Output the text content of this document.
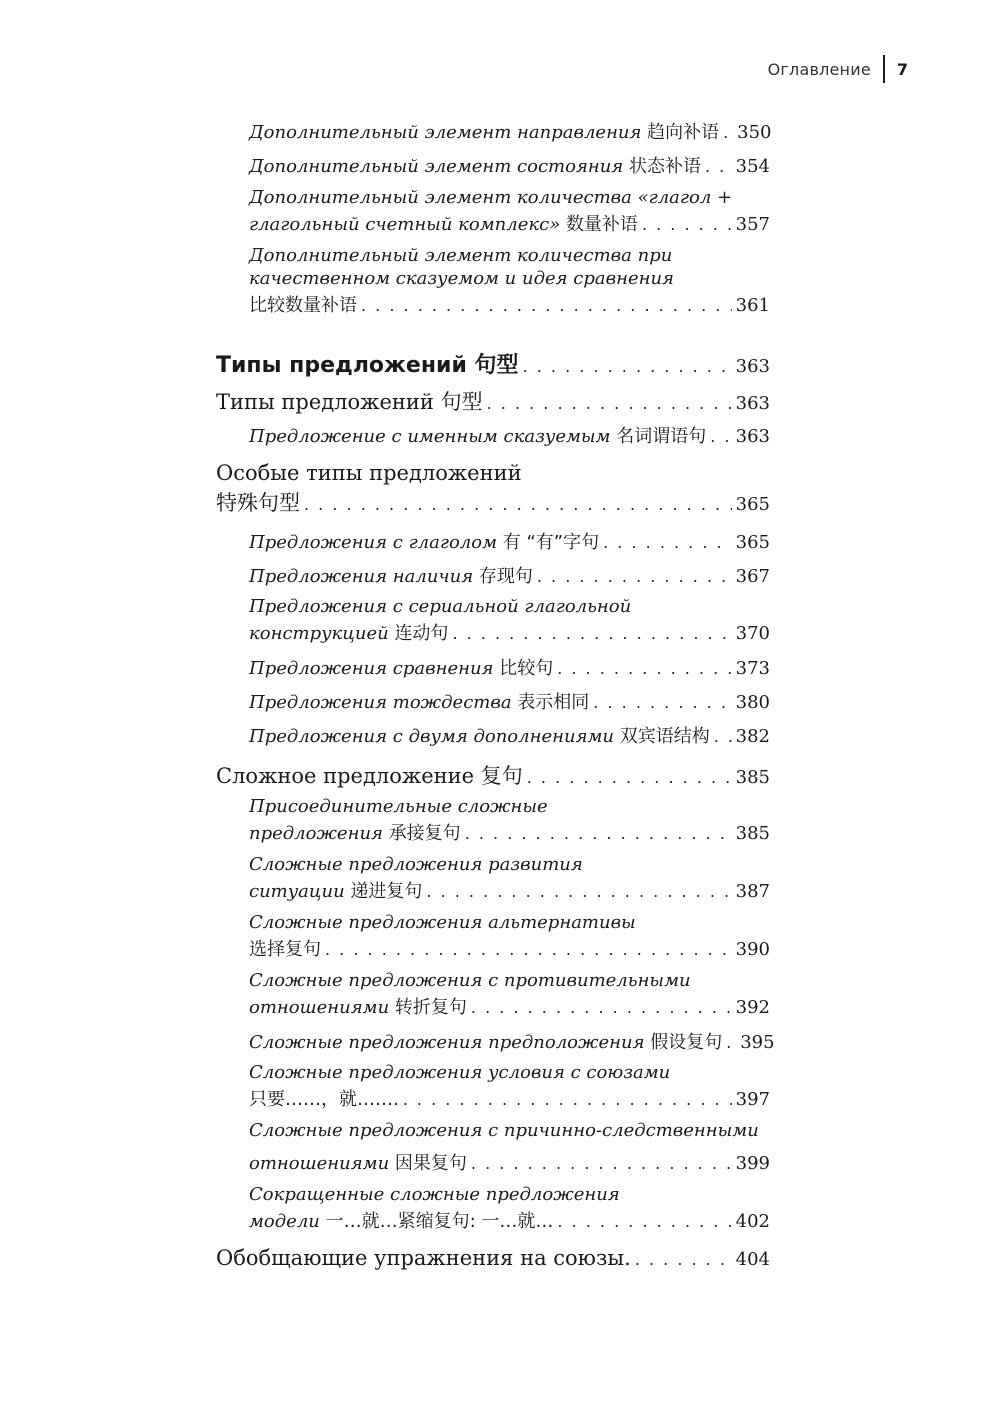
Оглавление	7
Дополнительный элемент направления 趋向补语 . . . 350
Дополнительный элемент состояния 状态补语 . . . 354
Дополнительный элемент количества «глагол +
глагольный счетный комплекс» 数量补语 . . .	357
Дополнительный элемент количества при
качественном сказуемом и идея сравнения
比较数量补语 . . .	361
Типы предложений 句型 . . .	363
Типы предложений 句型 . . .	363
Предложение с именным сказуемым 名词谓语句 . . . 363
Особые типы предложений
特殊句型 . . .	365
Предложения с глаголом 有 “有”字句 . . .	365
Предложения наличия 存现句 . . .	367
Предложения с сериальной глагольной
конструкцией 连动句 . . .	370
Предложения сравнения 比较句 . . .	373
Предложения тождества 表示相同 . . .	380
Предложения с двумя дополнениями 双宾语结构 . . . 382
Сложное предложение 复句 . . .	385
Присоединительные сложные
предложения 承接复句 . . .	385
Сложные предложения развития
ситуации 递进复句 . . .	387
Сложные предложения альтернативы
选择复句 . . .	390
Сложные предложения с противительными
отношениями 转折复句 . . .	392
Сложные предложения предположения 假设复句 . . . 395
Сложные предложения условия с союзами
只要……，就……. . . .	397
Сложные предложения с причинно-следственными
отношениями 因果复句 . . .	399
Сокращенные сложные предложения
модели 一…就…紧缩复句: 一…就… . . .	402
Обобщающие упражнения на союзы. . . .	404
